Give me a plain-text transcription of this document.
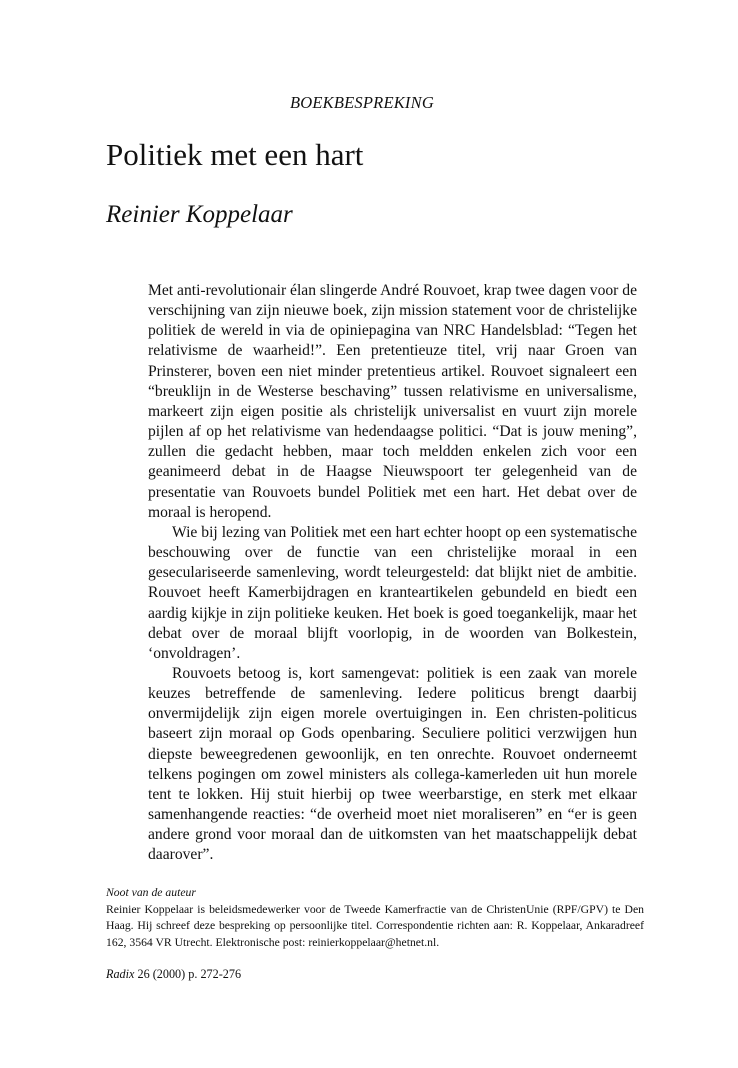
BOEKBESPREKING
Politiek met een hart
Reinier Koppelaar

Met anti-revolutionair élan slingerde André Rouvoet, krap twee dagen voor de verschijning van zijn nieuwe boek, zijn mission statement voor de christelijke politiek de wereld in via de opiniepagina van NRC Handelsblad: “Tegen het relativisme de waarheid!”. Een pretentieuze titel, vrij naar Groen van Prinsterer, boven een niet minder pretentieus artikel. Rouvoet signaleert een “breuklijn in de Westerse beschaving” tussen relativisme en universalisme, markeert zijn eigen positie als christelijk universalist en vuurt zijn morele pijlen af op het relativisme van hedendaagse politici. “Dat is jouw mening”, zullen die gedacht hebben, maar toch meldden enkelen zich voor een geanimeerd debat in de Haagse Nieuwspoort ter gelegenheid van de presentatie van Rouvoets bundel Politiek met een hart. Het debat over de moraal is heropend.

Wie bij lezing van Politiek met een hart echter hoopt op een systematische beschouwing over de functie van een christelijke moraal in een geseculariseerde samenleving, wordt teleurgesteld: dat blijkt niet de ambitie. Rouvoet heeft Kamerbijdragen en kranteartikelen gebundeld en biedt een aardig kijkje in zijn politieke keuken. Het boek is goed toegankelijk, maar het debat over de moraal blijft voorlopig, in de woorden van Bolkestein, ‘onvoldragen’.

Rouvoets betoog is, kort samengevat: politiek is een zaak van morele keuzes betreffende de samenleving. Iedere politicus brengt daarbij onvermijdelijk zijn eigen morele overtuigingen in. Een christen-politicus baseert zijn moraal op Gods openbaring. Seculiere politici verzwijgen hun diepste beweegredenen gewoonlijk, en ten onrechte. Rouvoet onderneemt telkens pogingen om zowel ministers als collega-kamerleden uit hun morele tent te lokken. Hij stuit hierbij op twee weerbarstige, en sterk met elkaar samenhangende reacties: “de overheid moet niet moraliseren” en “er is geen andere grond voor moraal dan de uitkomsten van het maatschappelijk debat daarover”.

Noot van de auteur
Reinier Koppelaar is beleidsmedewerker voor de Tweede Kamerfractie van de ChristenUnie (RPF/GPV) te Den Haag. Hij schreef deze bespreking op persoonlijke titel. Correspondentie richten aan: R. Koppelaar, Ankaradreef 162, 3564 VR Utrecht. Elektronische post: reinierkoppelaar@hetnet.nl.
Radix 26 (2000) p. 272-276
